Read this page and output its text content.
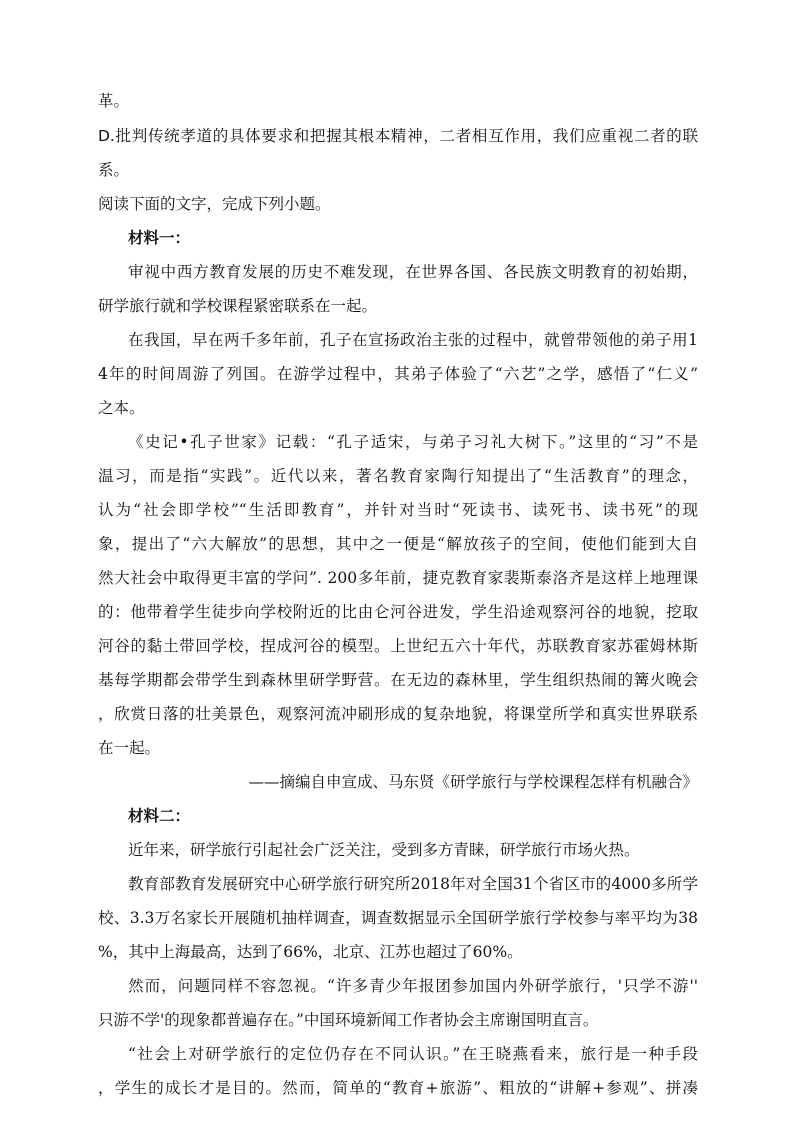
革。
D.批判传统孝道的具体要求和把握其根本精神，二者相互作用，我们应重视二者的联
系。
阅读下面的文字，完成下列小题。
材料一：
审视中西方教育发展的历史不难发现，在世界各国、各民族文明教育的初始期，
研学旅行就和学校课程紧密联系在一起。
在我国，早在两千多年前，孔子在宣扬政治主张的过程中，就曾带领他的弟子用1
4年的时间周游了列国。在游学过程中，其弟子体验了“六艺”之学，感悟了“仁义”
之本。
《史记•孔子世家》记载：“孔子适宋，与弟子习礼大树下。”这里的“习”不是
温习，而是指“实践”。近代以来，著名教育家陶行知提出了“生活教育”的理念，
认为“社会即学校”“生活即教育”，并针对当时“死读书、读死书、读书死”的现
象，提出了“六大解放”的思想，其中之一便是“解放孩子的空间，使他们能到大自
然大社会中取得更丰富的学问”. 200多年前，捷克教育家裴斯泰洛齐是这样上地理课
的：他带着学生徒步向学校附近的比由仑河谷进发，学生沿途观察河谷的地貌，挖取
河谷的黏土带回学校，捏成河谷的模型。上世纪五六十年代，苏联教育家苏霍姆林斯
基每学期都会带学生到森林里研学野营。在无边的森林里，学生组织热闹的篝火晚会
，欣赏日落的壮美景色，观察河流冲刷形成的复杂地貌，将课堂所学和真实世界联系
在一起。
——摘编自申宣成、马东贤《研学旅行与学校课程怎样有机融合》
材料二：
近年来，研学旅行引起社会广泛关注，受到多方青睐，研学旅行市场火热。
教育部教育发展研究中心研学旅行研究所2018年对全国31个省区市的4000多所学
校、3.3万名家长开展随机抽样调查，调查数据显示全国研学旅行学校参与率平均为38
%，其中上海最高，达到了66%，北京、江苏也超过了60%。
然而，问题同样不容忽视。“许多青少年报团参加国内外研学旅行，'只学不游''
只游不学'的现象都普遍存在。”中国环境新闻工作者协会主席谢国明直言。
“社会上对研学旅行的定位仍存在不同认识。”在王晓燕看来，旅行是一种手段
，学生的成长才是目的。然而，简单的“教育+旅游”、粗放的“讲解+参观”、拼凑
